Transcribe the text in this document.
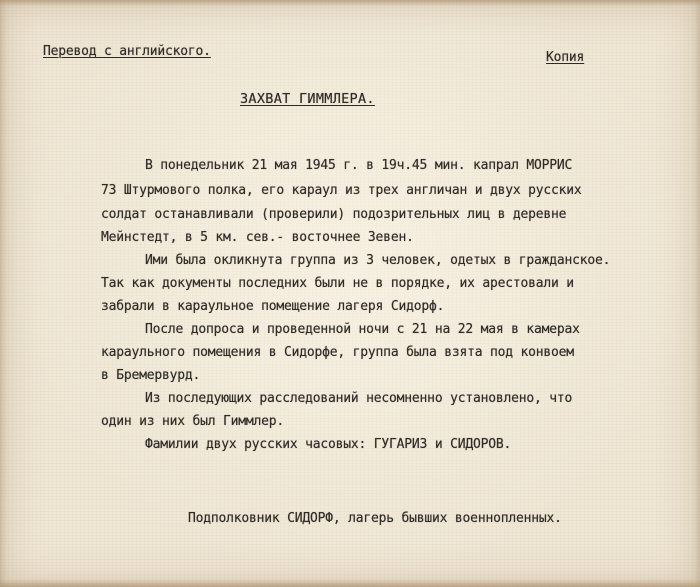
Перевод с английского.	Копия
ЗАХВАТ ГИММЛЕРА.
В понедельник 21 мая 1945 г. в 19ч.45 мин. капрал МОРРИС
73 Штурмового полка, его караул из трех англичан и двух русских
солдат останавливали (проверили) подозрительных лиц в деревне
Мейнстедт, в 5 км. сев.- восточнее Зевен.
Ими была окликнута группа из 3 человек, одетых в гражданское.
Так как документы последних были не в порядке, их арестовали и
забрали в караульное помещение лагеря Сидорф.
После допроса и проведенной ночи с 21 на 22 мая в камерах
караульного помещения в Сидорфе, группа была взята под конвоем
в Бремервурд.
Из последующих расследований несомненно установлено, что
один из них был Гиммлер.
Фамилии двух русских часовых: ГУГАРИЗ и СИДОРОВ.
Подполковник СИДОРФ, лагерь бывших военнопленных.
